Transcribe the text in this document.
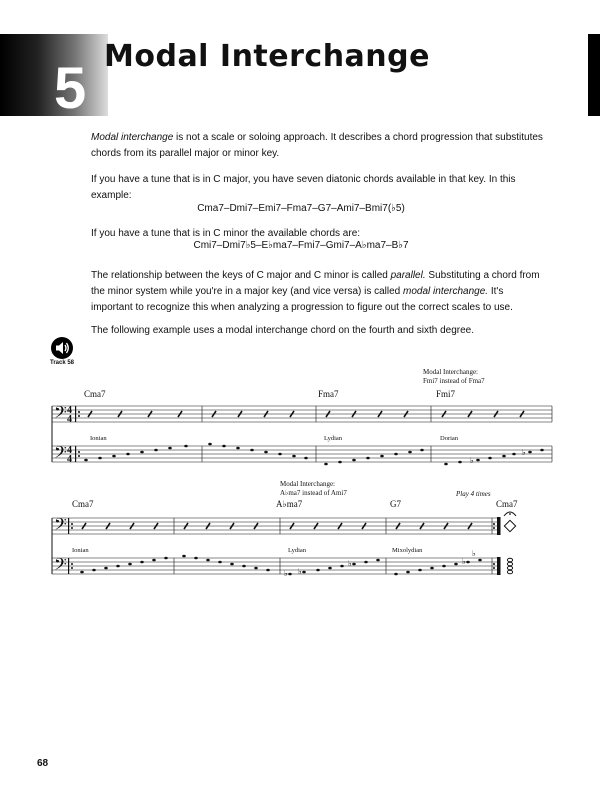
5 Modal Interchange

Modal interchange is not a scale or soloing approach. It describes a chord progression that substitutes chords from its parallel major or minor key.

If you have a tune that is in C major, you have seven diatonic chords available in that key. In this example:

Cma7–Dmi7–Emi7–Fma7–G7–Ami7–Bmi7(♭5)

If you have a tune that is in C minor the available chords are:

Cmi7–Dmi7♭5–E♭ma7–Fmi7–Gmi7–A♭ma7–B♭7

The relationship between the keys of C major and C minor is called parallel. Substituting a chord from the minor system while you're in a major key (and vice versa) is called modal interchange. It's important to recognize this when analyzing a progression to figure out the correct scales to use.

The following example uses a modal interchange chord on the fourth and sixth degree.

Track 58
𝄢
𝄢
𝄢
𝄢
4
4
4
4	♭
♭
♭ ♭
♭	♭
♭
Modal Interchange:
Fmi7 instead of Fma7
Cma7	Fma7	Fmi7
Ionian	Lydian	Dorian
Modal Interchange:
A♭ma7 instead of Ami7
Cma7	A♭ma7	G7	Cma7
Play 4 times
Ionian	Lydian	Mixolydian
68
